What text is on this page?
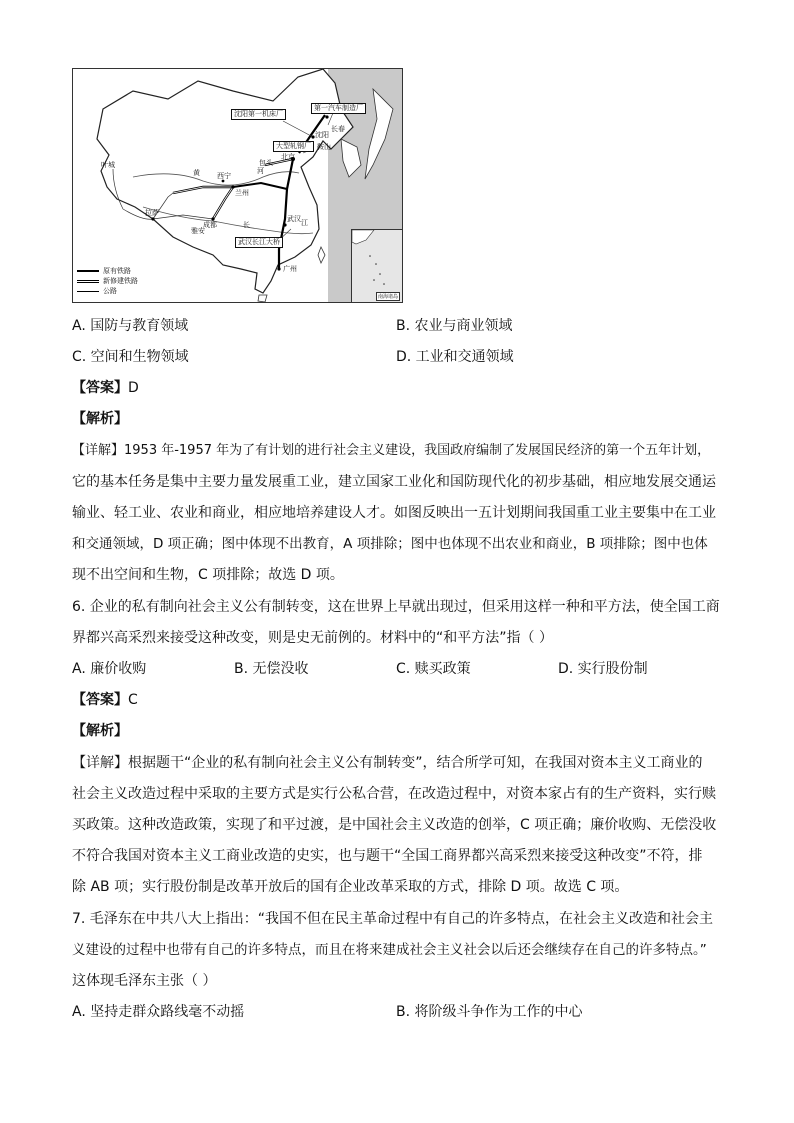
沈阳第一机床厂
第一汽车制造厂
大型轧钢厂
武汉长江大桥
北京
沈阳
长春
西宁
兰州
成都
拉萨
武汉
广州
雅安
包头
鞍山
黄	河
长	江
叶城
原有铁路
新修建铁路
公路
南海诸岛
A. 国防与教育领域	B. 农业与商业领域
C. 空间和生物领域	D. 工业和交通领域
【答案】D
【解析】
【详解】1953 年-1957 年为了有计划的进行社会主义建设，我国政府编制了发展国民经济的第一个五年计划，
它的基本任务是集中主要力量发展重工业，建立国家工业化和国防现代化的初步基础，相应地发展交通运
输业、轻工业、农业和商业，相应地培养建设人才。如图反映出一五计划期间我国重工业主要集中在工业
和交通领域，D 项正确；图中体现不出教育，A 项排除；图中也体现不出农业和商业，B 项排除；图中也体
现不出空间和生物，C 项排除；故选 D 项。
6. 企业的私有制向社会主义公有制转变，这在世界上早就出现过，但采用这样一种和平方法，使全国工商
界都兴高采烈来接受这种改变，则是史无前例的。材料中的“和平方法”指（ ）
A. 廉价收购	B. 无偿没收	C. 赎买政策	D. 实行股份制
【答案】C
【解析】
【详解】根据题干“企业的私有制向社会主义公有制转变”，结合所学可知，在我国对资本主义工商业的
社会主义改造过程中采取的主要方式是实行公私合营，在改造过程中，对资本家占有的生产资料，实行赎
买政策。这种改造政策，实现了和平过渡，是中国社会主义改造的创举，C 项正确；廉价收购、无偿没收
不符合我国对资本主义工商业改造的史实，也与题干“全国工商界都兴高采烈来接受这种改变”不符，排
除 AB 项；实行股份制是改革开放后的国有企业改革采取的方式，排除 D 项。故选 C 项。
7. 毛泽东在中共八大上指出：“我国不但在民主革命过程中有自己的许多特点，在社会主义改造和社会主
义建设的过程中也带有自己的许多特点，而且在将来建成社会主义社会以后还会继续存在自己的许多特点。”
这体现毛泽东主张（ ）
A. 坚持走群众路线毫不动摇	B. 将阶级斗争作为工作的中心
